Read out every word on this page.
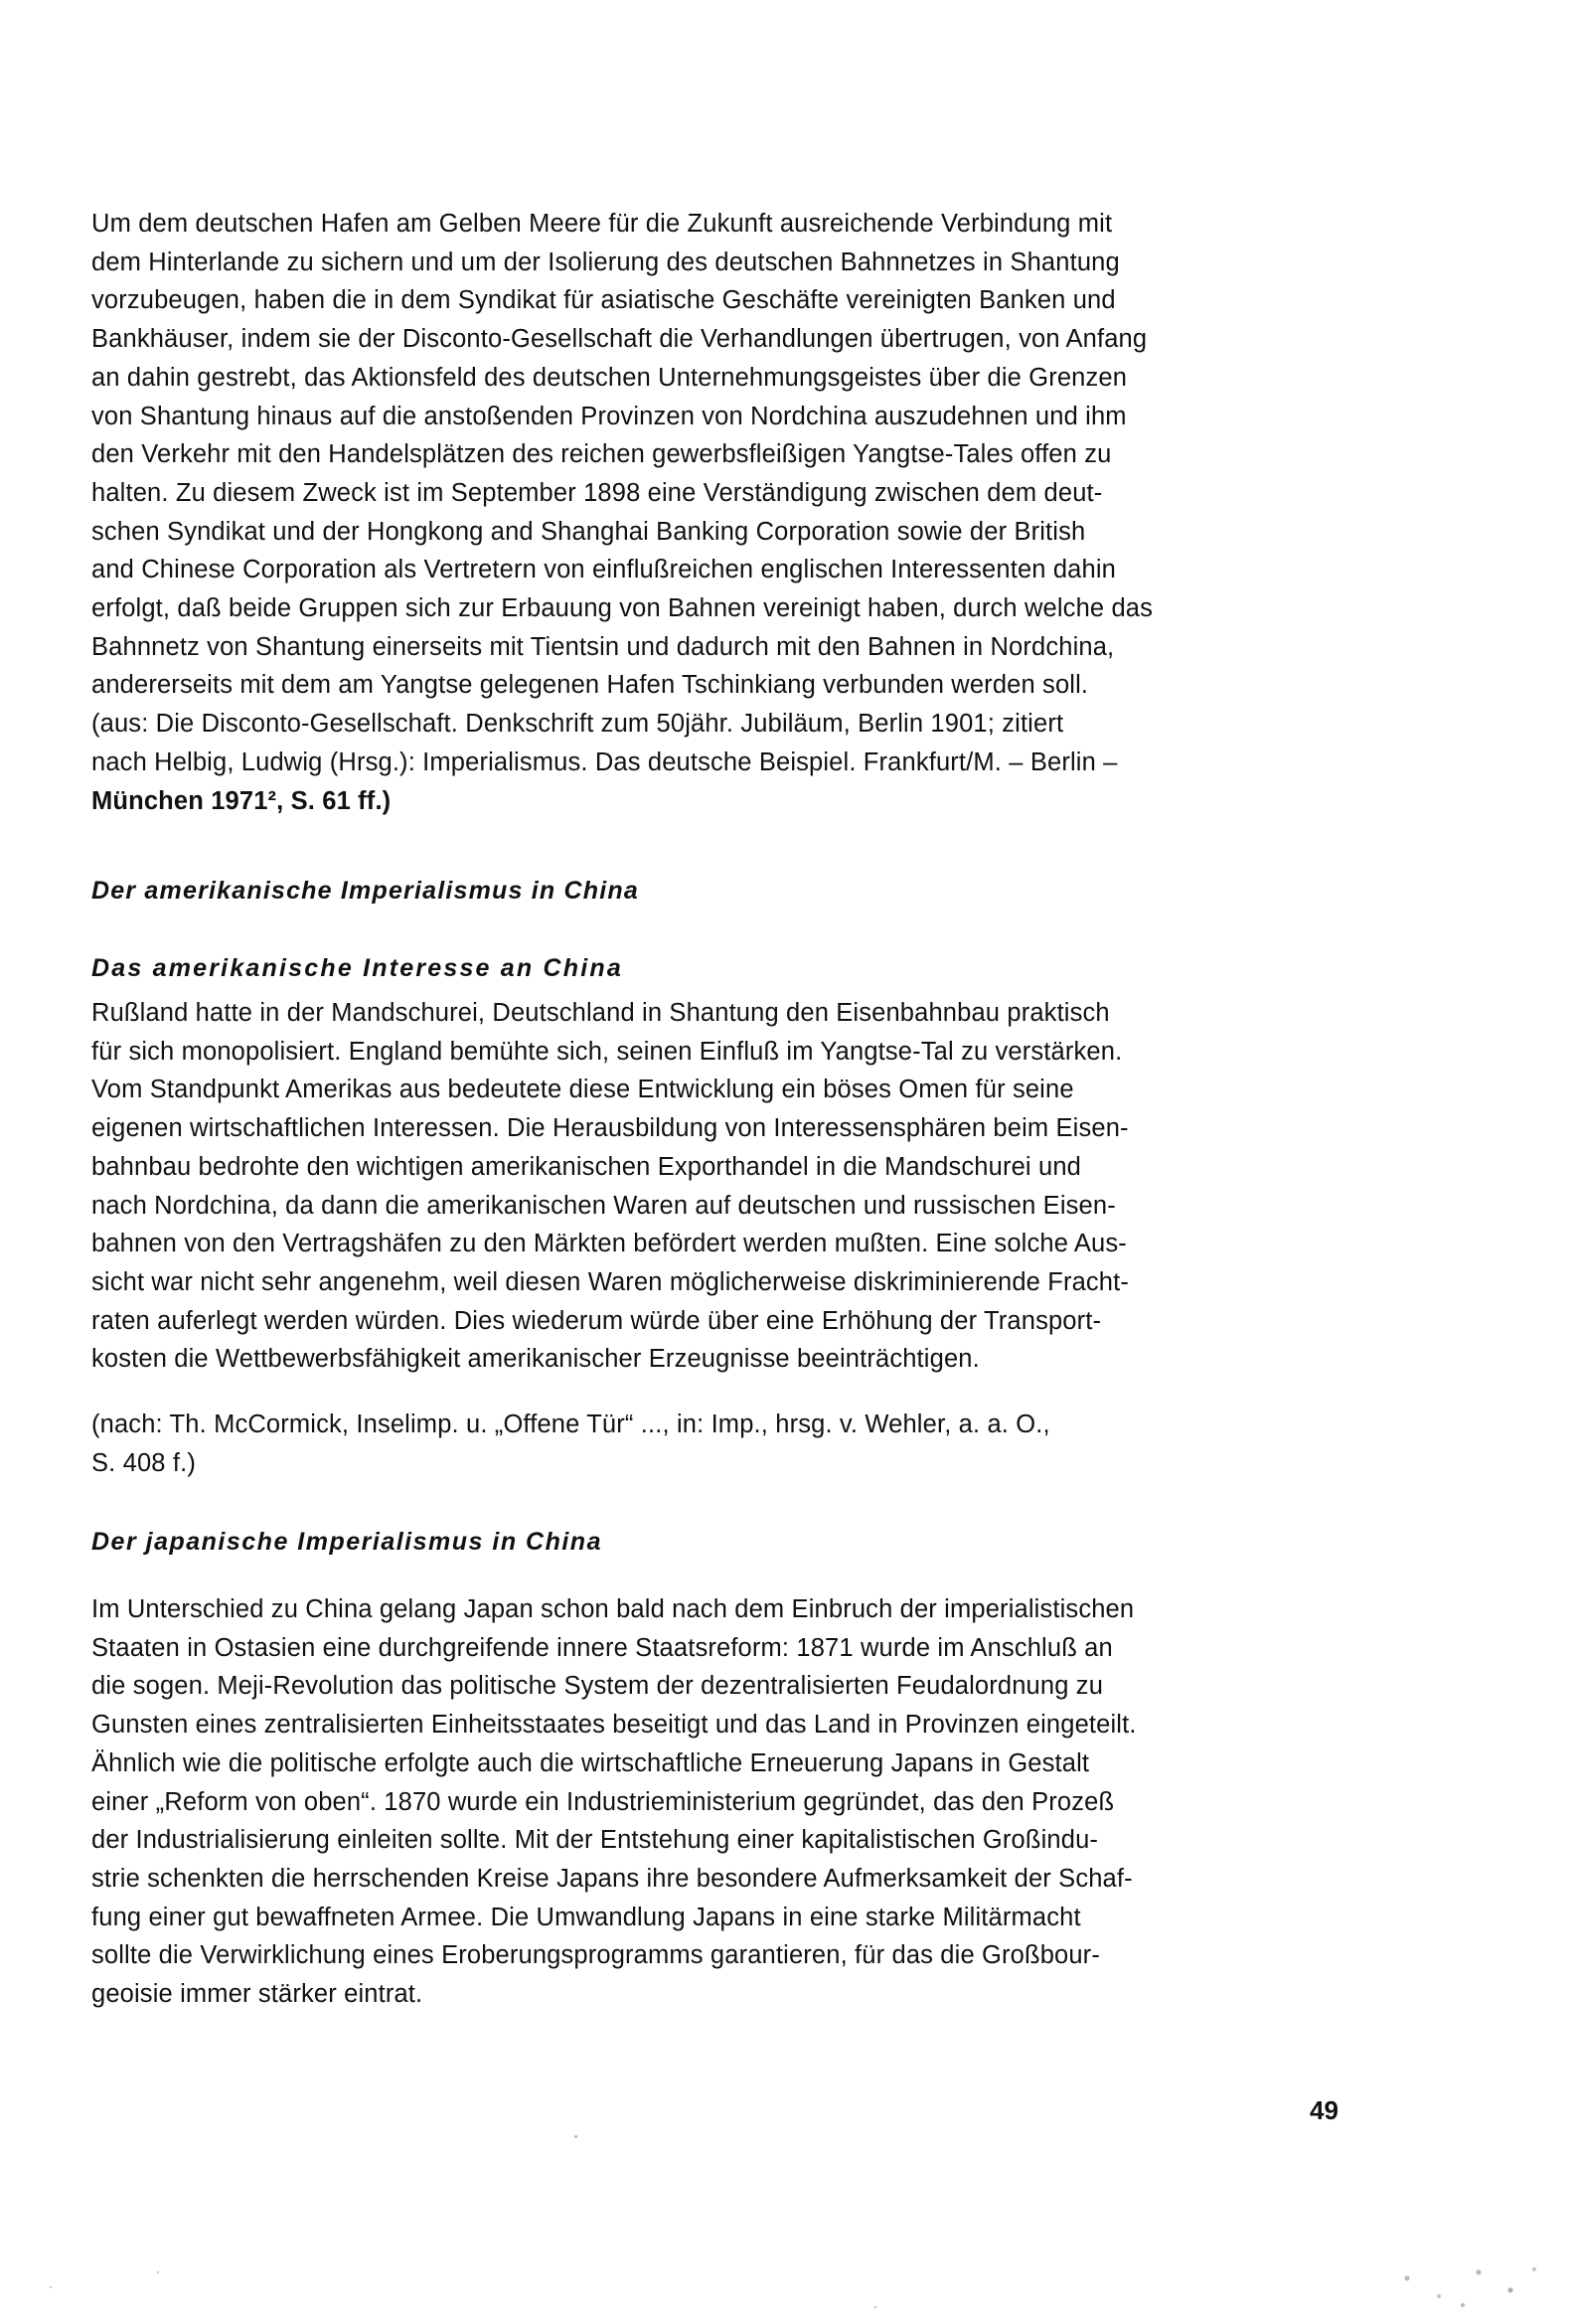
Um dem deutschen Hafen am Gelben Meere für die Zukunft ausreichende Verbindung mit
dem Hinterlande zu sichern und um der Isolierung des deutschen Bahnnetzes in Shantung
vorzubeugen, haben die in dem Syndikat für asiatische Geschäfte vereinigten Banken und
Bankhäuser, indem sie der Disconto-Gesellschaft die Verhandlungen übertrugen, von Anfang
an dahin gestrebt, das Aktionsfeld des deutschen Unternehmungsgeistes über die Grenzen
von Shantung hinaus auf die anstoßenden Provinzen von Nordchina auszudehnen und ihm
den Verkehr mit den Handelsplätzen des reichen gewerbsfleißigen Yangtse-Tales offen zu
halten. Zu diesem Zweck ist im September 1898 eine Verständigung zwischen dem deut-
schen Syndikat und der Hongkong and Shanghai Banking Corporation sowie der British
and Chinese Corporation als Vertretern von einflußreichen englischen Interessenten dahin
erfolgt, daß beide Gruppen sich zur Erbauung von Bahnen vereinigt haben, durch welche das
Bahnnetz von Shantung einerseits mit Tientsin und dadurch mit den Bahnen in Nordchina,
andererseits mit dem am Yangtse gelegenen Hafen Tschinkiang verbunden werden soll.
(aus: Die Disconto-Gesellschaft. Denkschrift zum 50jähr. Jubiläum, Berlin 1901; zitiert
nach Helbig, Ludwig (Hrsg.): Imperialismus. Das deutsche Beispiel. Frankfurt/M. – Berlin –
München 1971², S. 61 ff.)
Der amerikanische Imperialismus in China
Das amerikanische Interesse an China
Rußland hatte in der Mandschurei, Deutschland in Shantung den Eisenbahnbau praktisch
für sich monopolisiert. England bemühte sich, seinen Einfluß im Yangtse-Tal zu verstärken.
Vom Standpunkt Amerikas aus bedeutete diese Entwicklung ein böses Omen für seine
eigenen wirtschaftlichen Interessen. Die Herausbildung von Interessensphären beim Eisen-
bahnbau bedrohte den wichtigen amerikanischen Exporthandel in die Mandschurei und
nach Nordchina, da dann die amerikanischen Waren auf deutschen und russischen Eisen-
bahnen von den Vertragshäfen zu den Märkten befördert werden mußten. Eine solche Aus-
sicht war nicht sehr angenehm, weil diesen Waren möglicherweise diskriminierende Fracht-
raten auferlegt werden würden. Dies wiederum würde über eine Erhöhung der Transport-
kosten die Wettbewerbsfähigkeit amerikanischer Erzeugnisse beeinträchtigen.
(nach: Th. McCormick, Inselimp. u. „Offene Tür“ ..., in: Imp., hrsg. v. Wehler, a. a. O.,
S. 408 f.)
Der japanische Imperialismus in China
Im Unterschied zu China gelang Japan schon bald nach dem Einbruch der imperialistischen
Staaten in Ostasien eine durchgreifende innere Staatsreform: 1871 wurde im Anschluß an
die sogen. Meji-Revolution das politische System der dezentralisierten Feudalordnung zu
Gunsten eines zentralisierten Einheitsstaates beseitigt und das Land in Provinzen eingeteilt.
Ähnlich wie die politische erfolgte auch die wirtschaftliche Erneuerung Japans in Gestalt
einer „Reform von oben“. 1870 wurde ein Industrieministerium gegründet, das den Prozeß
der Industrialisierung einleiten sollte. Mit der Entstehung einer kapitalistischen Großindu-
strie schenkten die herrschenden Kreise Japans ihre besondere Aufmerksamkeit der Schaf-
fung einer gut bewaffneten Armee. Die Umwandlung Japans in eine starke Militärmacht
sollte die Verwirklichung eines Eroberungsprogramms garantieren, für das die Großbour-
geoisie immer stärker eintrat.
49
